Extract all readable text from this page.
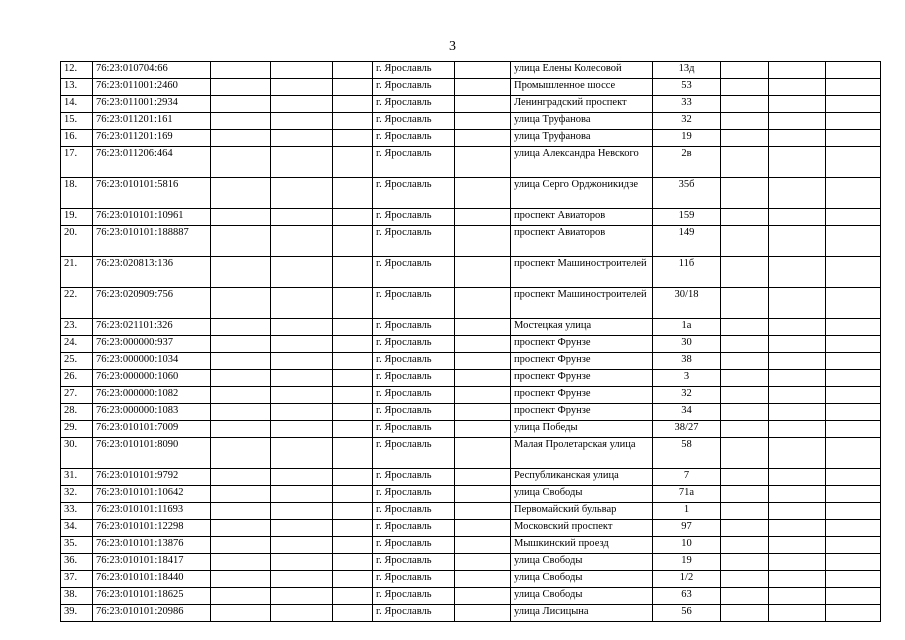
3
12.	76:23:010704:66				г. Ярославль		улица Елены Колесовой	13д			
13.	76:23:011001:2460				г. Ярославль		Промышленное шоссе	53			
14.	76:23:011001:2934				г. Ярославль		Ленинградский проспект	33			
15.	76:23:011201:161				г. Ярославль		улица Труфанова	32			
16.	76:23:011201:169				г. Ярославль		улица Труфанова	19			
17.	76:23:011206:464				г. Ярославль		улица Александра Невского	2в			
18.	76:23:010101:5816				г. Ярославль		улица Серго Орджоникидзе	35б			
19.	76:23:010101:10961				г. Ярославль		проспект Авиаторов	159			
20.	76:23:010101:188887				г. Ярославль		проспект Авиаторов	149			
21.	76:23:020813:136				г. Ярославль		проспект Машиностроителей	11б			
22.	76:23:020909:756				г. Ярославль		проспект Машиностроителей	30/18			
23.	76:23:021101:326				г. Ярославль		Мостецкая улица	1а			
24.	76:23:000000:937				г. Ярославль		проспект Фрунзе	30			
25.	76:23:000000:1034				г. Ярославль		проспект Фрунзе	38			
26.	76:23:000000:1060				г. Ярославль		проспект Фрунзе	3			
27.	76:23:000000:1082				г. Ярославль		проспект Фрунзе	32			
28.	76:23:000000:1083				г. Ярославль		проспект Фрунзе	34			
29.	76:23:010101:7009				г. Ярославль		улица Победы	38/27			
30.	76:23:010101:8090				г. Ярославль		Малая Пролетарская улица	58			
31.	76:23:010101:9792				г. Ярославль		Республиканская улица	7			
32.	76:23:010101:10642				г. Ярославль		улица Свободы	71а			
33.	76:23:010101:11693				г. Ярославль		Первомайский бульвар	1			
34.	76:23:010101:12298				г. Ярославль		Московский проспект	97			
35.	76:23:010101:13876				г. Ярославль		Мышкинский проезд	10			
36.	76:23:010101:18417				г. Ярославль		улица Свободы	19			
37.	76:23:010101:18440				г. Ярославль		улица Свободы	1/2			
38.	76:23:010101:18625				г. Ярославль		улица Свободы	63			
39.	76:23:010101:20986				г. Ярославль		улица Лисицына	56			
